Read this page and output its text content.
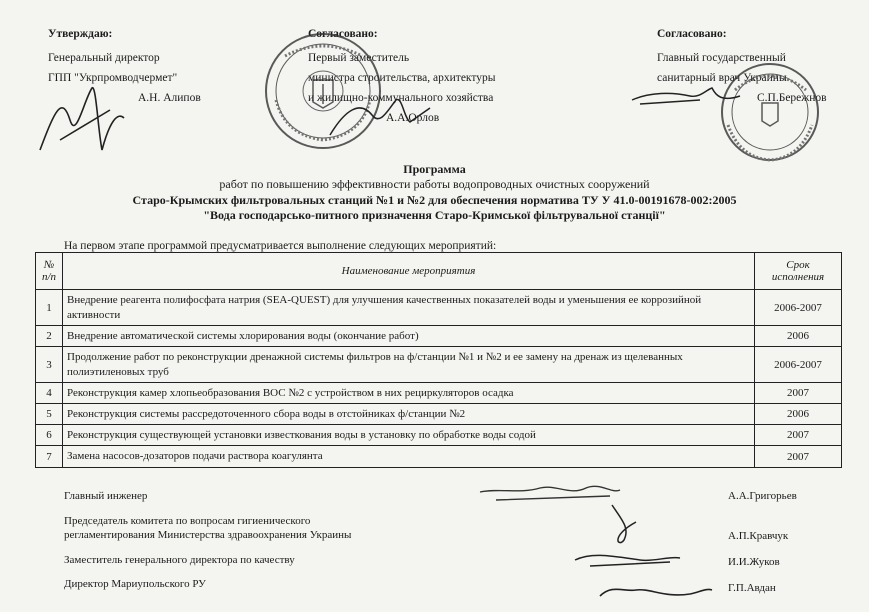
Утверждаю:
Генеральный директор
ГПП "Укрпромводчермет"
А.Н. Алипов
Согласовано:
Первый заместитель
министра строительства, архитектуры
и жилищно-коммунального хозяйства
А.А.Орлов
Согласовано:
Главный государственный
санитарный врач Украины
С.П.Бережнов
Программа
работ по повышению эффективности работы водопроводных очистных сооружений
Старо-Крымских фильтровальных станций №1 и №2 для обеспечения норматива ТУ У 41.0-00191678-002:2005
"Вода господарсько-питного призначення Старо-Кримської фільтрувальної станції"
На первом этапе программой предусматривается выполнение следующих мероприятий:
№ п/п	Наименование мероприятия	Срок исполнения
1	Внедрение реагента полифосфата натрия (SEA-QUEST) для улучшения качественных показателей воды и уменьшения ее коррозийной активности	2006-2007
2	Внедрение автоматической системы хлорирования воды (окончание работ)	2006
3	Продолжение работ по реконструкции дренажной системы фильтров на ф/станции №1 и №2 и ее замену на дренаж из щелеванных полиэтиленовых труб	2006-2007
4	Реконструкция камер хлопьеобразования ВОС №2 с устройством в них рециркуляторов осадка	2007
5	Реконструкция системы рассредоточенного сбора воды в отстойниках ф/станции №2	2006
6	Реконструкция существующей установки известкования воды в установку по обработке воды содой	2007
7	Замена насосов-дозаторов подачи раствора коагулянта	2007
Главный инженер	А.А.Григорьев
Председатель комитета по вопросам гигиенического регламентирования Министерства здравоохранения Украины	А.П.Кравчук
Заместитель генерального директора по качеству	И.И.Жуков
Директор Мариупольского РУ	Г.П.Авдан
